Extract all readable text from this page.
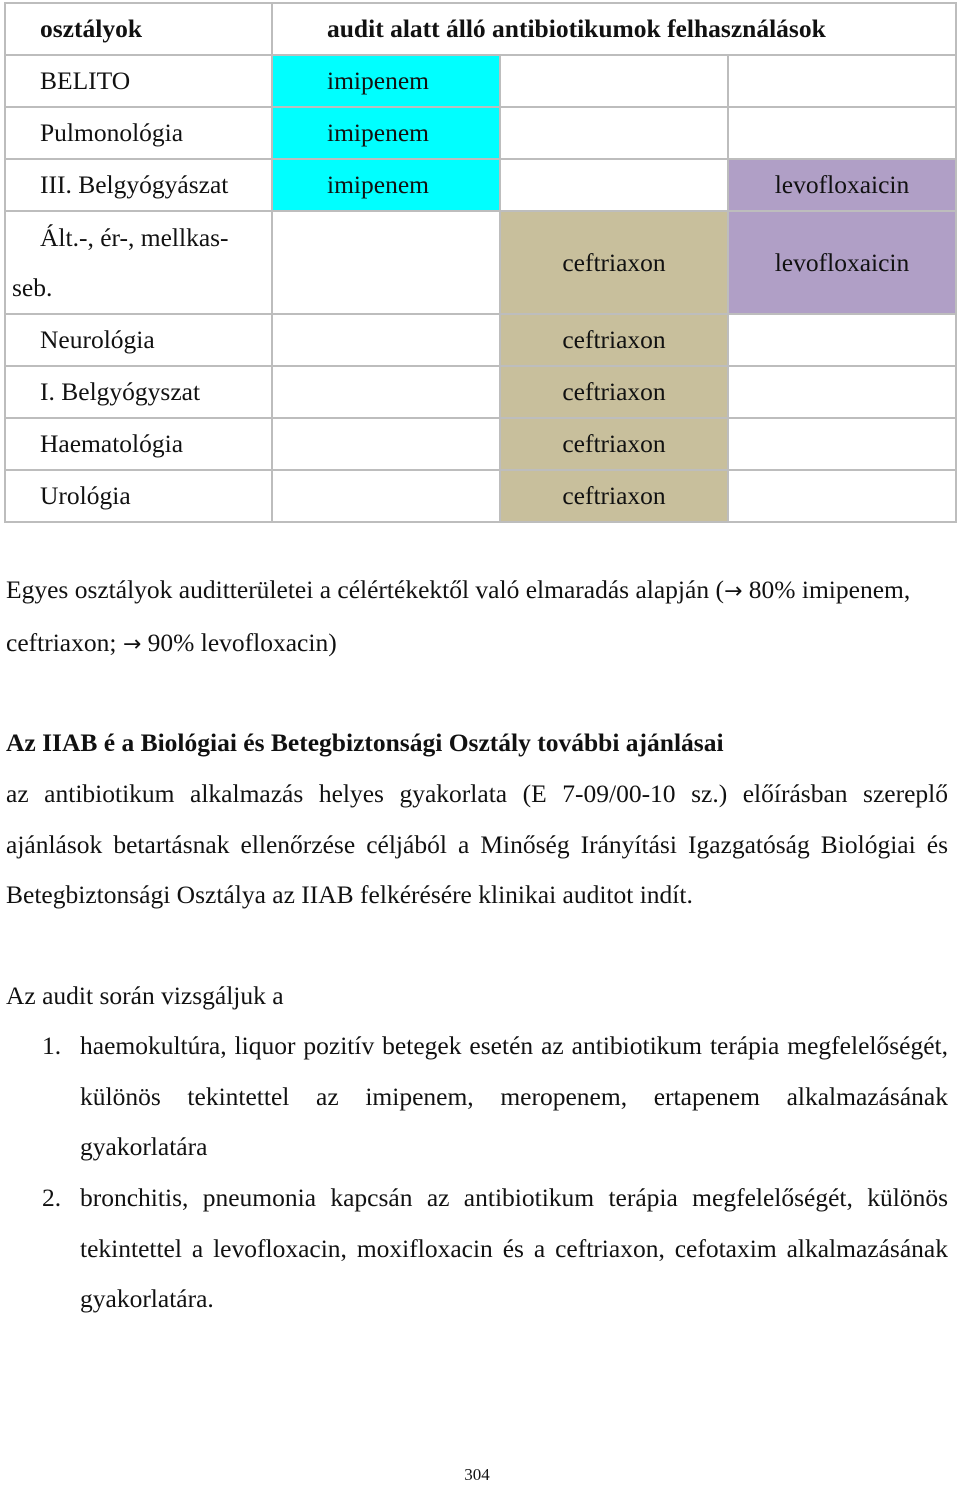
osztályok	audit alatt álló antibiotikumok felhasználások		
BELITO	imipenem		
Pulmonológia	imipenem		
III. Belgyógyászat	imipenem		levofloxaicin

Ált.-, ér-, mellkas-
seb.		ceftriaxon	levofloxaicin
Neurológia		ceftriaxon	
I. Belgyógyszat		ceftriaxon	
Haematológia		ceftriaxon	
Urológia		ceftriaxon	
Egyes osztályok auditterületei a célértékektől való elmaradás alapján (→ 80% imipenem, ceftriaxon; → 90% levofloxacin)
Az IIAB é a Biológiai és Betegbiztonsági Osztály további ajánlásai
az antibiotikum alkalmazás helyes gyakorlata (E 7-09/00-10 sz.) előírásban szereplő ajánlások betartásnak ellenőrzése céljából a Minőség Irányítási Igazgatóság Biológiai és Betegbiztonsági Osztálya az IIAB felkérésére klinikai auditot indít.
Az audit során vizsgáljuk a
1. haemokultúra, liquor pozitív betegek esetén az antibiotikum terápia megfelelőségét, különös tekintettel az imipenem, meropenem, ertapenem alkalmazásának gyakorlatára
2. bronchitis, pneumonia kapcsán az antibiotikum terápia megfelelőségét, különös tekintettel a levofloxacin, moxifloxacin és a ceftriaxon, cefotaxim alkalmazásának gyakorlatára.
304
